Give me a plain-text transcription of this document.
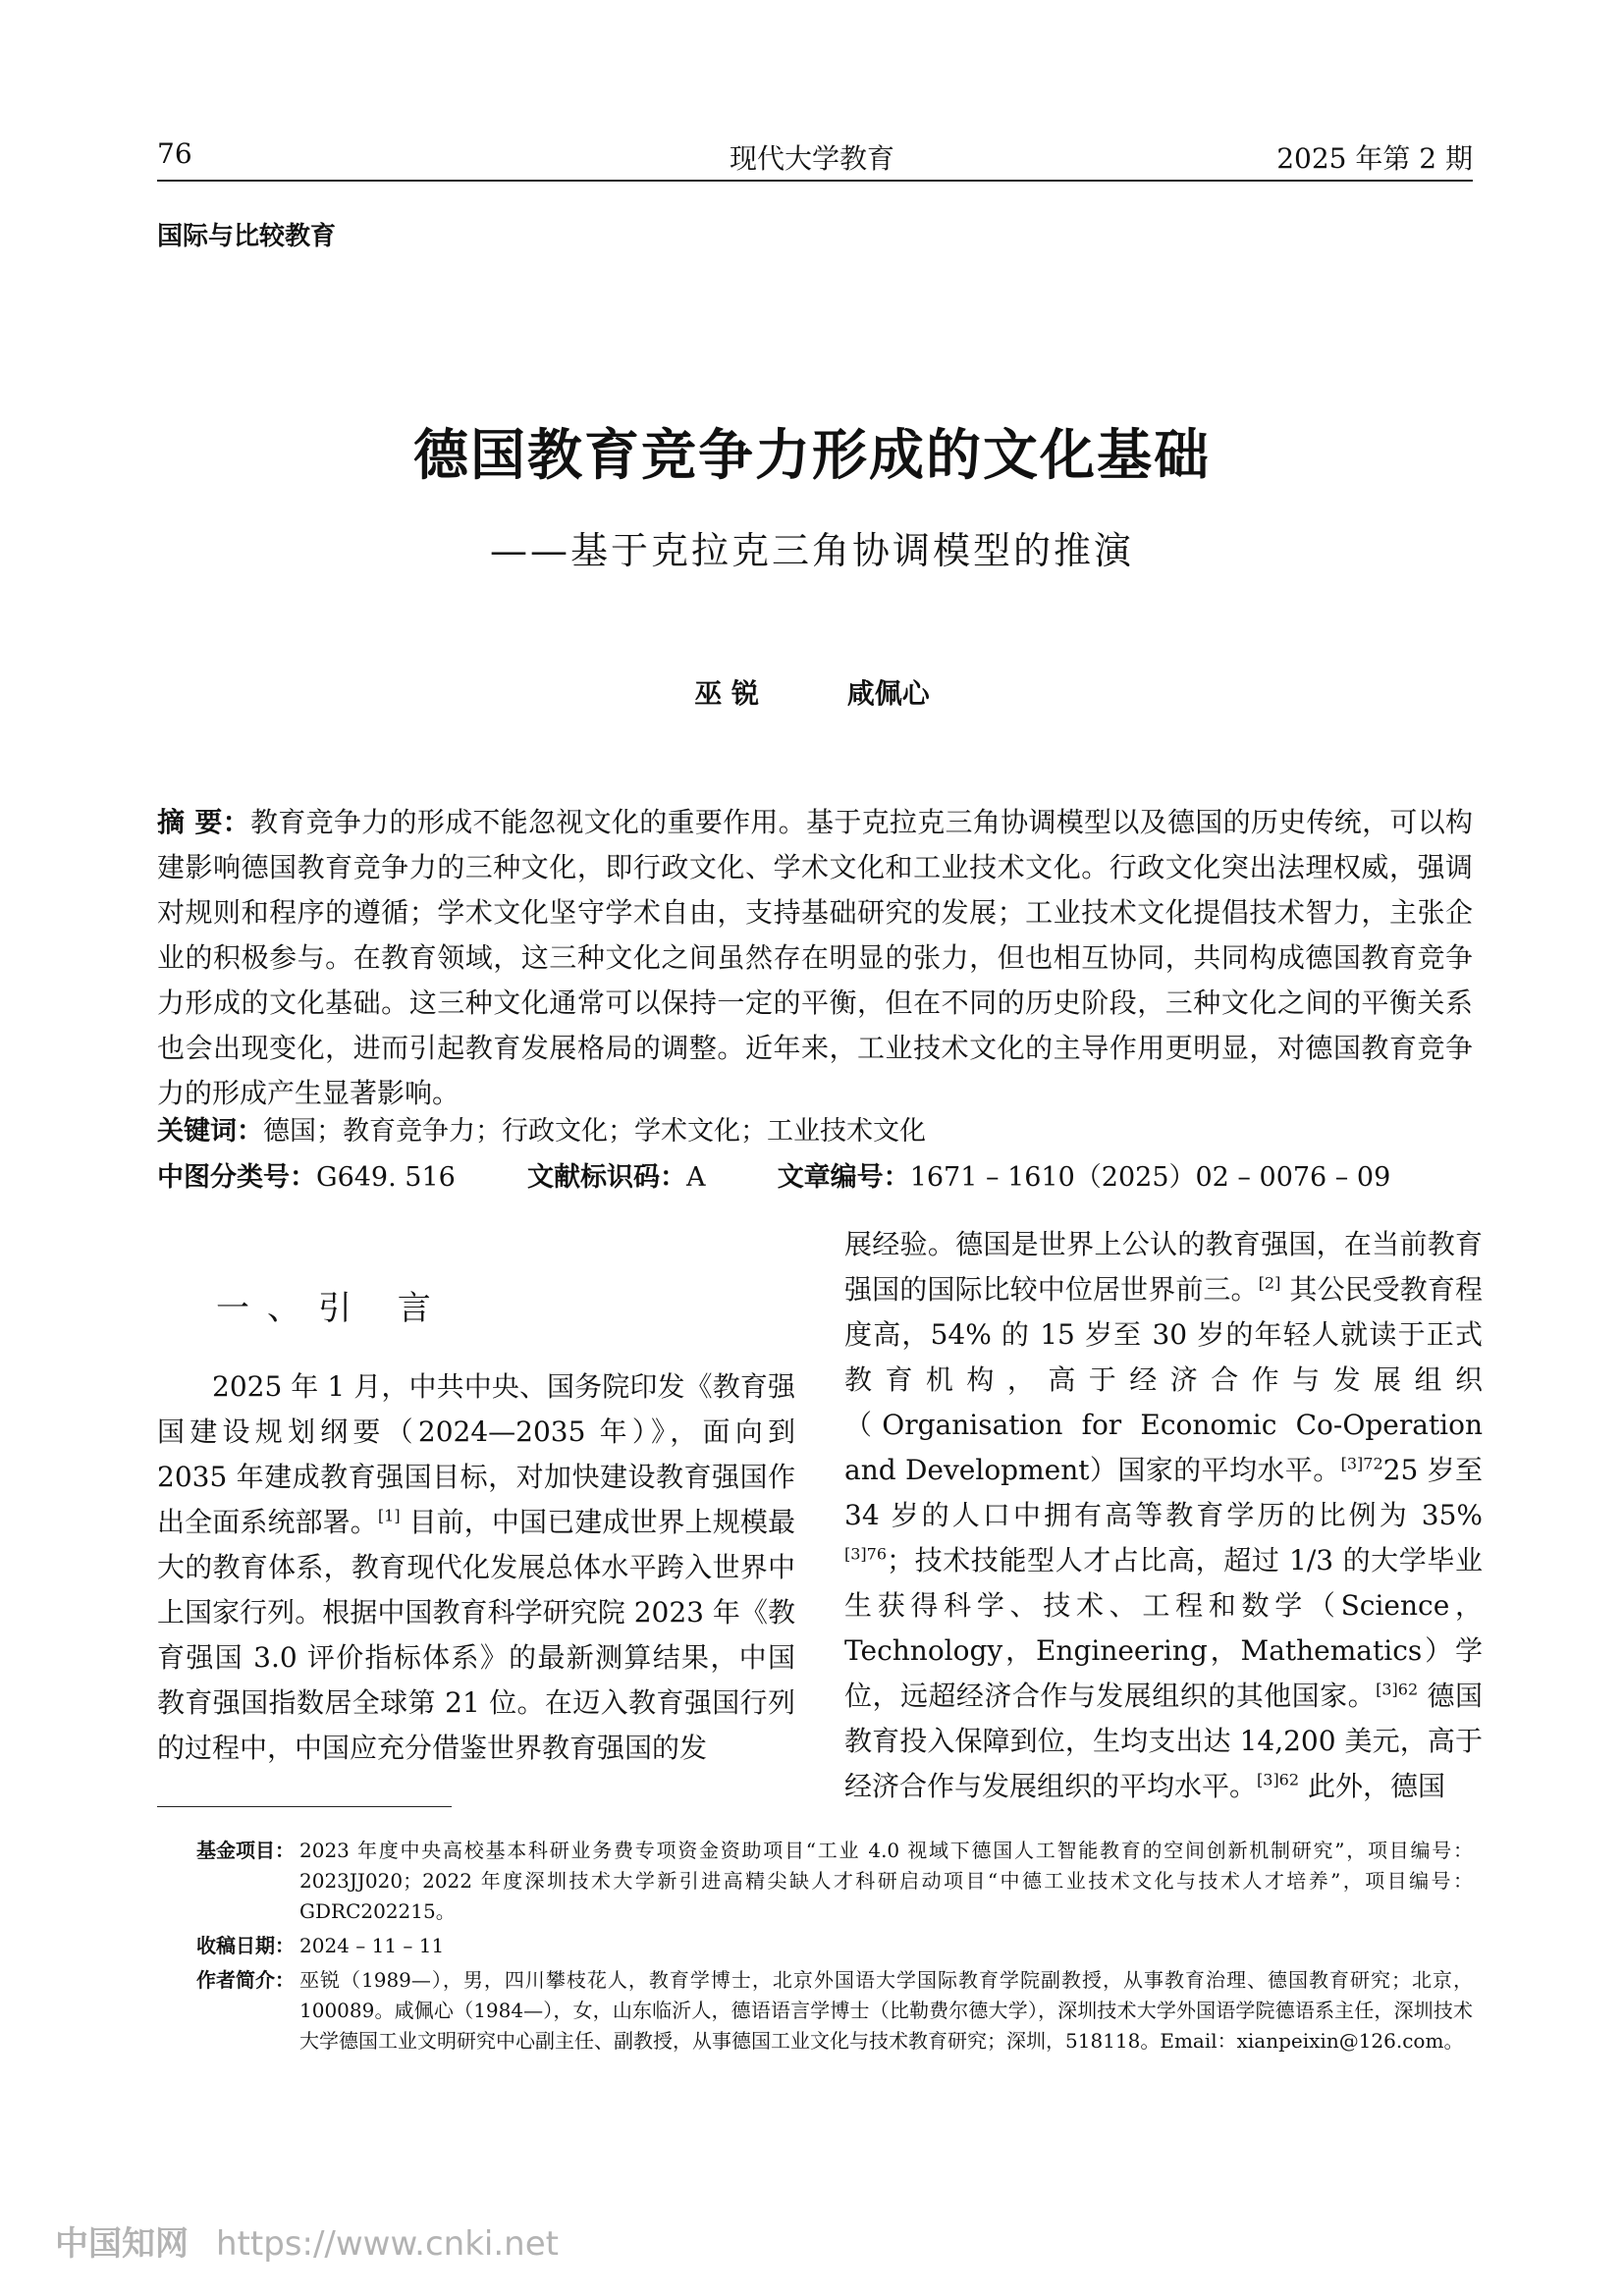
76	现代大学教育	2025 年第 2 期
国际与比较教育
德国教育竞争力形成的文化基础
——基于克拉克三角协调模型的推演
巫 锐	咸佩心
摘 要：教育竞争力的形成不能忽视文化的重要作用。基于克拉克三角协调模型以及德国的历史传统，可以构建影响德国教育竞争力的三种文化，即行政文化、学术文化和工业技术文化。行政文化突出法理权威，强调对规则和程序的遵循；学术文化坚守学术自由，支持基础研究的发展；工业技术文化提倡技术智力，主张企业的积极参与。在教育领域，这三种文化之间虽然存在明显的张力，但也相互协同，共同构成德国教育竞争力形成的文化基础。这三种文化通常可以保持一定的平衡，但在不同的历史阶段，三种文化之间的平衡关系也会出现变化，进而引起教育发展格局的调整。近年来，工业技术文化的主导作用更明显，对德国教育竞争力的形成产生显著影响。
关键词：德国；教育竞争力；行政文化；学术文化；工业技术文化
中图分类号：G649. 516	文献标识码：A	文章编号：1671 – 1610（2025）02 – 0076 – 09
一、引 言
2025 年 1 月，中共中央、国务院印发《教育强国建设规划纲要（2024—2035 年）》，面向到 2035 年建成教育强国目标，对加快建设教育强国作出全面系统部署。[1] 目前，中国已建成世界上规模最大的教育体系，教育现代化发展总体水平跨入世界中上国家行列。根据中国教育科学研究院 2023 年《教育强国 3.0 评价指标体系》的最新测算结果，中国教育强国指数居全球第 21 位。在迈入教育强国行列的过程中，中国应充分借鉴世界教育强国的发
展经验。德国是世界上公认的教育强国，在当前教育强国的国际比较中位居世界前三。[2] 其公民受教育程度高，54% 的 15 岁至 30 岁的年轻人就读于正式教育机构，高于经济合作与发展组织（Organisation for Economic Co-Operation and Development）国家的平均水平。$^{[3]72}$25 岁至 34 岁的人口中拥有高等教育学历的比例为 35%$^{[3]76}$；技术技能型人才占比高，超过 1/3 的大学毕业生获得科学、技术、工程和数学（Science，Technology，Engineering，Mathematics）学位，远超经济合作与发展组织的其他国家。$^{[3]62}$ 德国教育投入保障到位，生均支出达 14,200 美元，高于经济合作与发展组织的平均水平。$^{[3]62}$ 此外，德国
基金项目： 2023 年度中央高校基本科研业务费专项资金资助项目“工业 4.0 视域下德国人工智能教育的空间创新机制研究”，项目编号：2023JJ020；2022 年度深圳技术大学新引进高精尖缺人才科研启动项目“中德工业技术文化与技术人才培养”，项目编号：GDRC202215。
收稿日期： 2024 – 11 – 11
作者简介： 巫锐（1989—），男，四川攀枝花人，教育学博士，北京外国语大学国际教育学院副教授，从事教育治理、德国教育研究；北京，100089。咸佩心（1984—），女，山东临沂人，德语语言学博士（比勒费尔德大学），深圳技术大学外国语学院德语系主任，深圳技术大学德国工业文明研究中心副主任、副教授，从事德国工业文化与技术教育研究；深圳，518118。Email：xianpeixin@126.com。
中国知网 https://www.cnki.net
